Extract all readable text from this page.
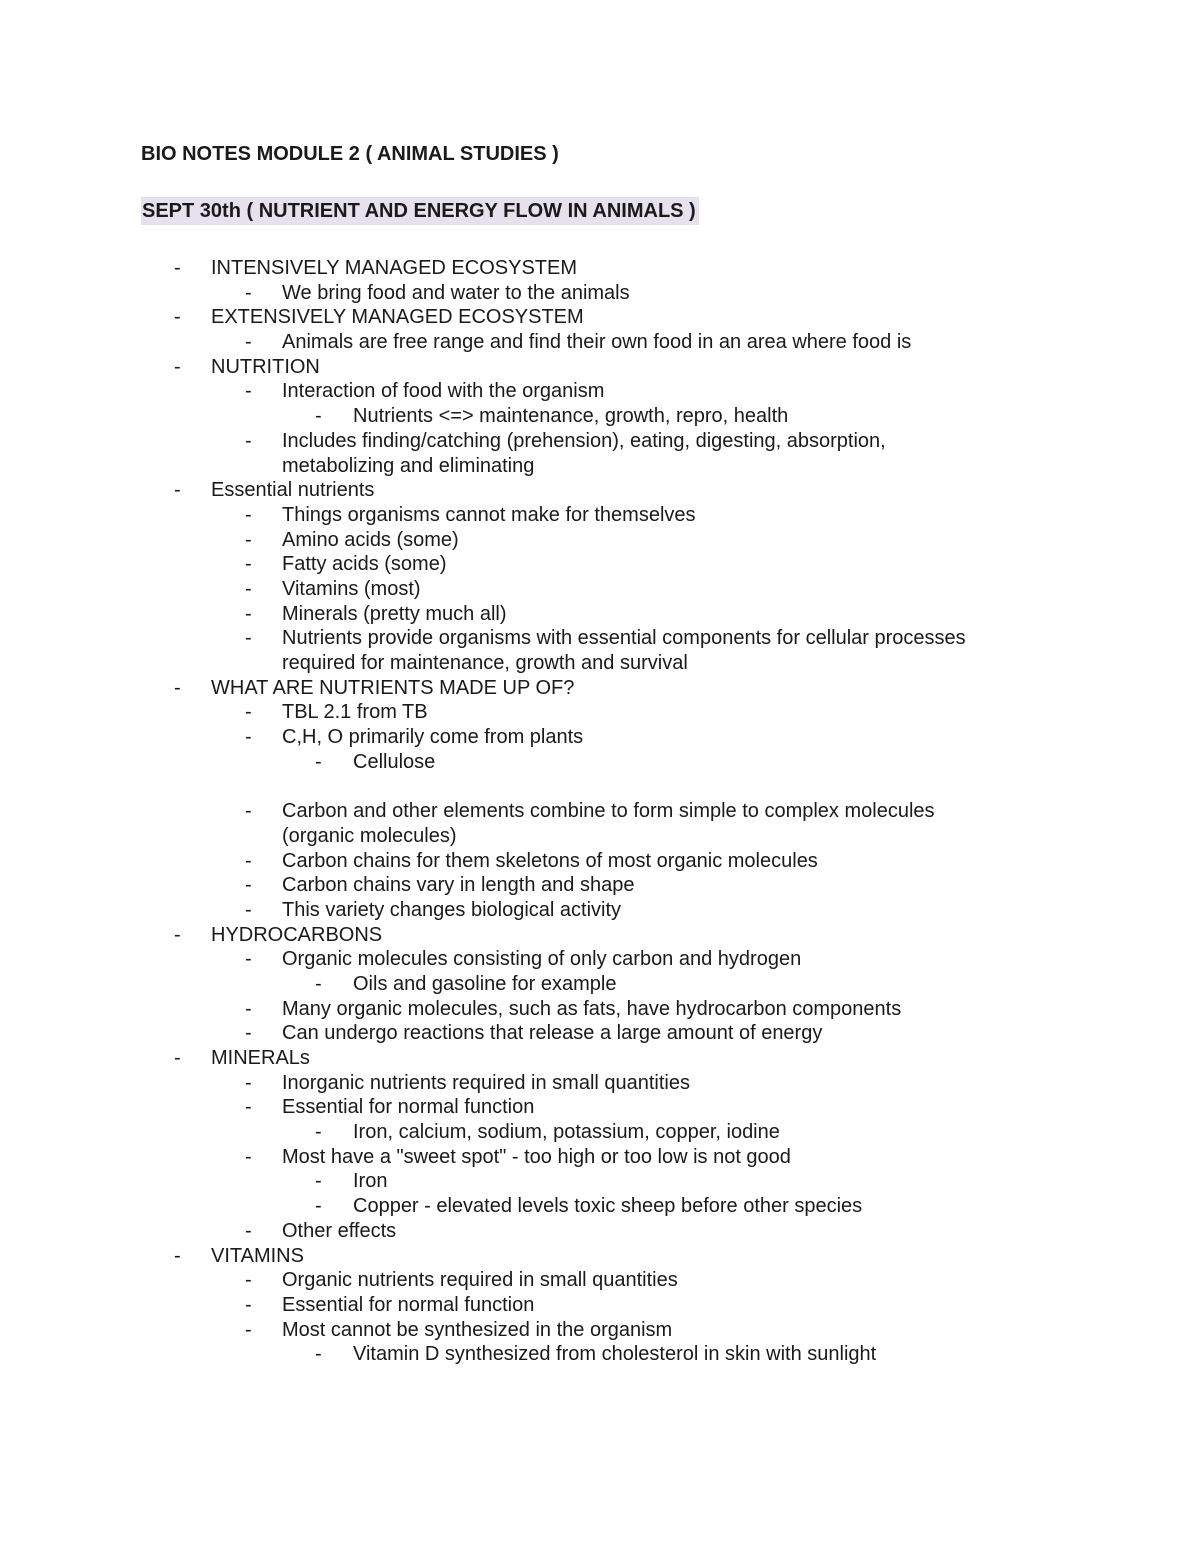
BIO NOTES MODULE 2 ( ANIMAL STUDIES )
SEPT 30th ( NUTRIENT AND ENERGY FLOW IN ANIMALS )
- INTENSIVELY MANAGED ECOSYSTEM
- We bring food and water to the animals
- EXTENSIVELY MANAGED ECOSYSTEM
- Animals are free range and find their own food in an area where food is
- NUTRITION
- Interaction of food with the organism
- Nutrients <=> maintenance, growth, repro, health
- Includes finding/catching (prehension), eating, digesting, absorption,
metabolizing and eliminating
- Essential nutrients
- Things organisms cannot make for themselves
- Amino acids (some)
- Fatty acids (some)
- Vitamins (most)
- Minerals (pretty much all)
- Nutrients provide organisms with essential components for cellular processes
required for maintenance, growth and survival
- WHAT ARE NUTRIENTS MADE UP OF?
- TBL 2.1 from TB
- C,H, O primarily come from plants
- Cellulose
- Carbon and other elements combine to form simple to complex molecules
(organic molecules)
- Carbon chains for them skeletons of most organic molecules
- Carbon chains vary in length and shape
- This variety changes biological activity
- HYDROCARBONS
- Organic molecules consisting of only carbon and hydrogen
- Oils and gasoline for example
- Many organic molecules, such as fats, have hydrocarbon components
- Can undergo reactions that release a large amount of energy
- MINERALs
- Inorganic nutrients required in small quantities
- Essential for normal function
- Iron, calcium, sodium, potassium, copper, iodine
- Most have a "sweet spot" - too high or too low is not good
- Iron
- Copper - elevated levels toxic sheep before other species
- Other effects
- VITAMINS
- Organic nutrients required in small quantities
- Essential for normal function
- Most cannot be synthesized in the organism
- Vitamin D synthesized from cholesterol in skin with sunlight
